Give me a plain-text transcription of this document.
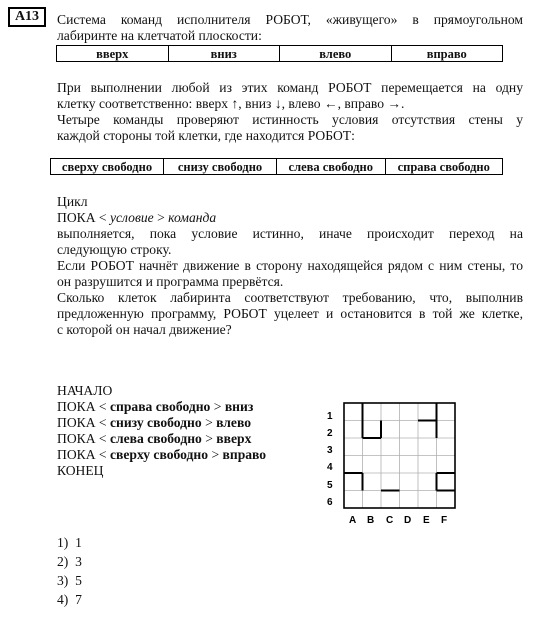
A13	Система команд исполнителя РОБОТ, «живущего» в прямоугольном
лабиринте на клетчатой плоскости:
вверх	вниз	влево	вправо
При выполнении любой из этих команд РОБОТ перемещается на одну
клетку соответственно: вверх ↑, вниз ↓, влево ←, вправо →.
Четыре команды проверяют истинность условия отсутствия стены у
каждой стороны той клетки, где находится РОБОТ:
сверху свободно	снизу свободно	слева свободно	справа свободно
Цикл
ПОКА < условие > команда
выполняется, пока условие истинно, иначе происходит переход на
следующую строку.
Если РОБОТ начнёт движение в сторону находящейся рядом с ним стены, то
он разрушится и программа прервётся.
Сколько клеток лабиринта соответствуют требованию, что, выполнив
предложенную программу, РОБОТ уцелеет и остановится в той же клетке,
с которой он начал движение?
НАЧАЛО
ПОКА < справа свободно > вниз
ПОКА < снизу свободно > влево
ПОКА < слева свободно > вверх
ПОКА < сверху свободно > вправо
КОНЕЦ
1
2
3
4
5
6
A B C D E F
1) 1
2) 3
3) 5
4) 7
